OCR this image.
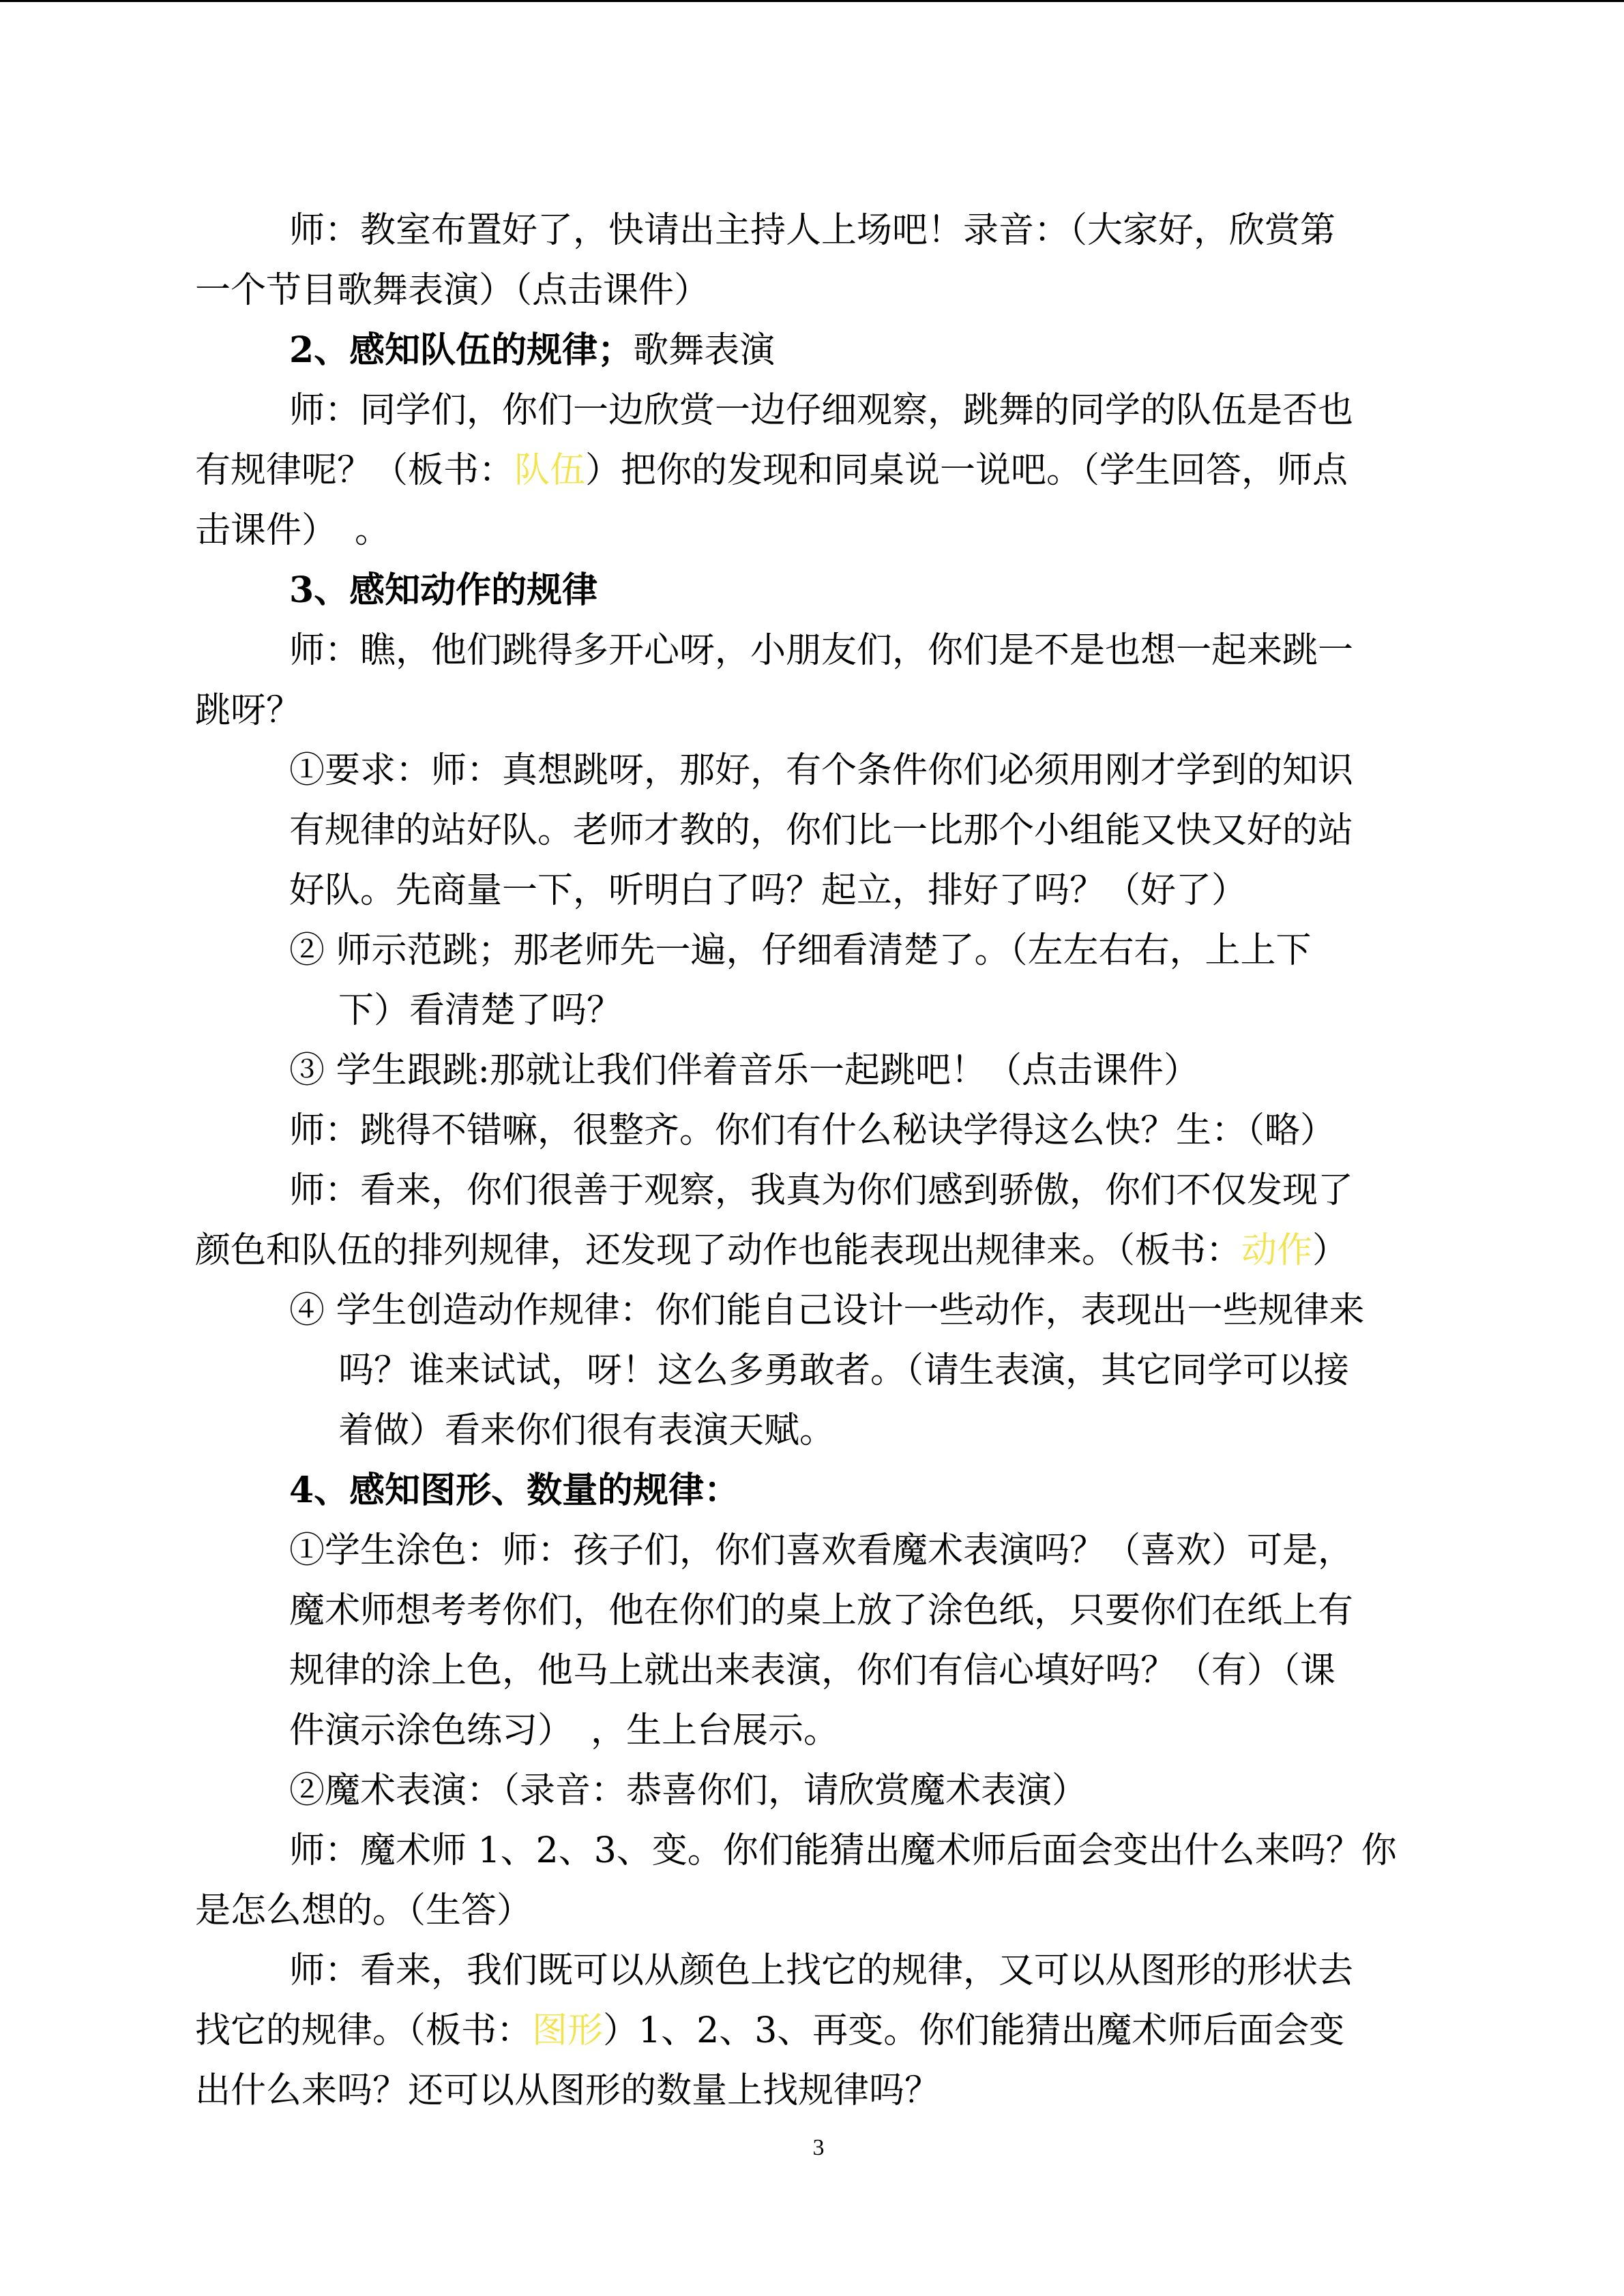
师：教室布置好了，快请出主持人上场吧！录音：（大家好，欣赏第
一个节目歌舞表演）（点击课件）
2、感知队伍的规律；歌舞表演
师：同学们，你们一边欣赏一边仔细观察，跳舞的同学的队伍是否也
有规律呢？（板书：队伍）把你的发现和同桌说一说吧。（学生回答，师点
击课件）　。
3、感知动作的规律
师：瞧，他们跳得多开心呀，小朋友们，你们是不是也想一起来跳一
跳呀？
①要求：师：真想跳呀，那好，有个条件你们必须用刚才学到的知识
有规律的站好队。老师才教的，你们比一比那个小组能又快又好的站
好队。先商量一下，听明白了吗？起立，排好了吗？（好了）
② 师示范跳；那老师先一遍，仔细看清楚了。（左左右右，上上下
下）看清楚了吗？
③ 学生跟跳:那就让我们伴着音乐一起跳吧！（点击课件）
师：跳得不错嘛，很整齐。你们有什么秘诀学得这么快？生：（略）
师：看来，你们很善于观察，我真为你们感到骄傲，你们不仅发现了
颜色和队伍的排列规律，还发现了动作也能表现出规律来。（板书：动作）
④ 学生创造动作规律：你们能自己设计一些动作，表现出一些规律来
吗？谁来试试，呀！这么多勇敢者。（请生表演，其它同学可以接
着做）看来你们很有表演天赋。
4、感知图形、数量的规律：
①学生涂色：师：孩子们，你们喜欢看魔术表演吗？（喜欢）可是，
魔术师想考考你们，他在你们的桌上放了涂色纸，只要你们在纸上有
规律的涂上色，他马上就出来表演，你们有信心填好吗？（有）（课
件演示涂色练习）　，生上台展示。
②魔术表演：（录音：恭喜你们，请欣赏魔术表演）
师：魔术师 1、2、3、变。你们能猜出魔术师后面会变出什么来吗？你
是怎么想的。（生答）
师：看来，我们既可以从颜色上找它的规律，又可以从图形的形状去
找它的规律。（板书：图形）1、2、3、再变。你们能猜出魔术师后面会变
出什么来吗？还可以从图形的数量上找规律吗？
3
